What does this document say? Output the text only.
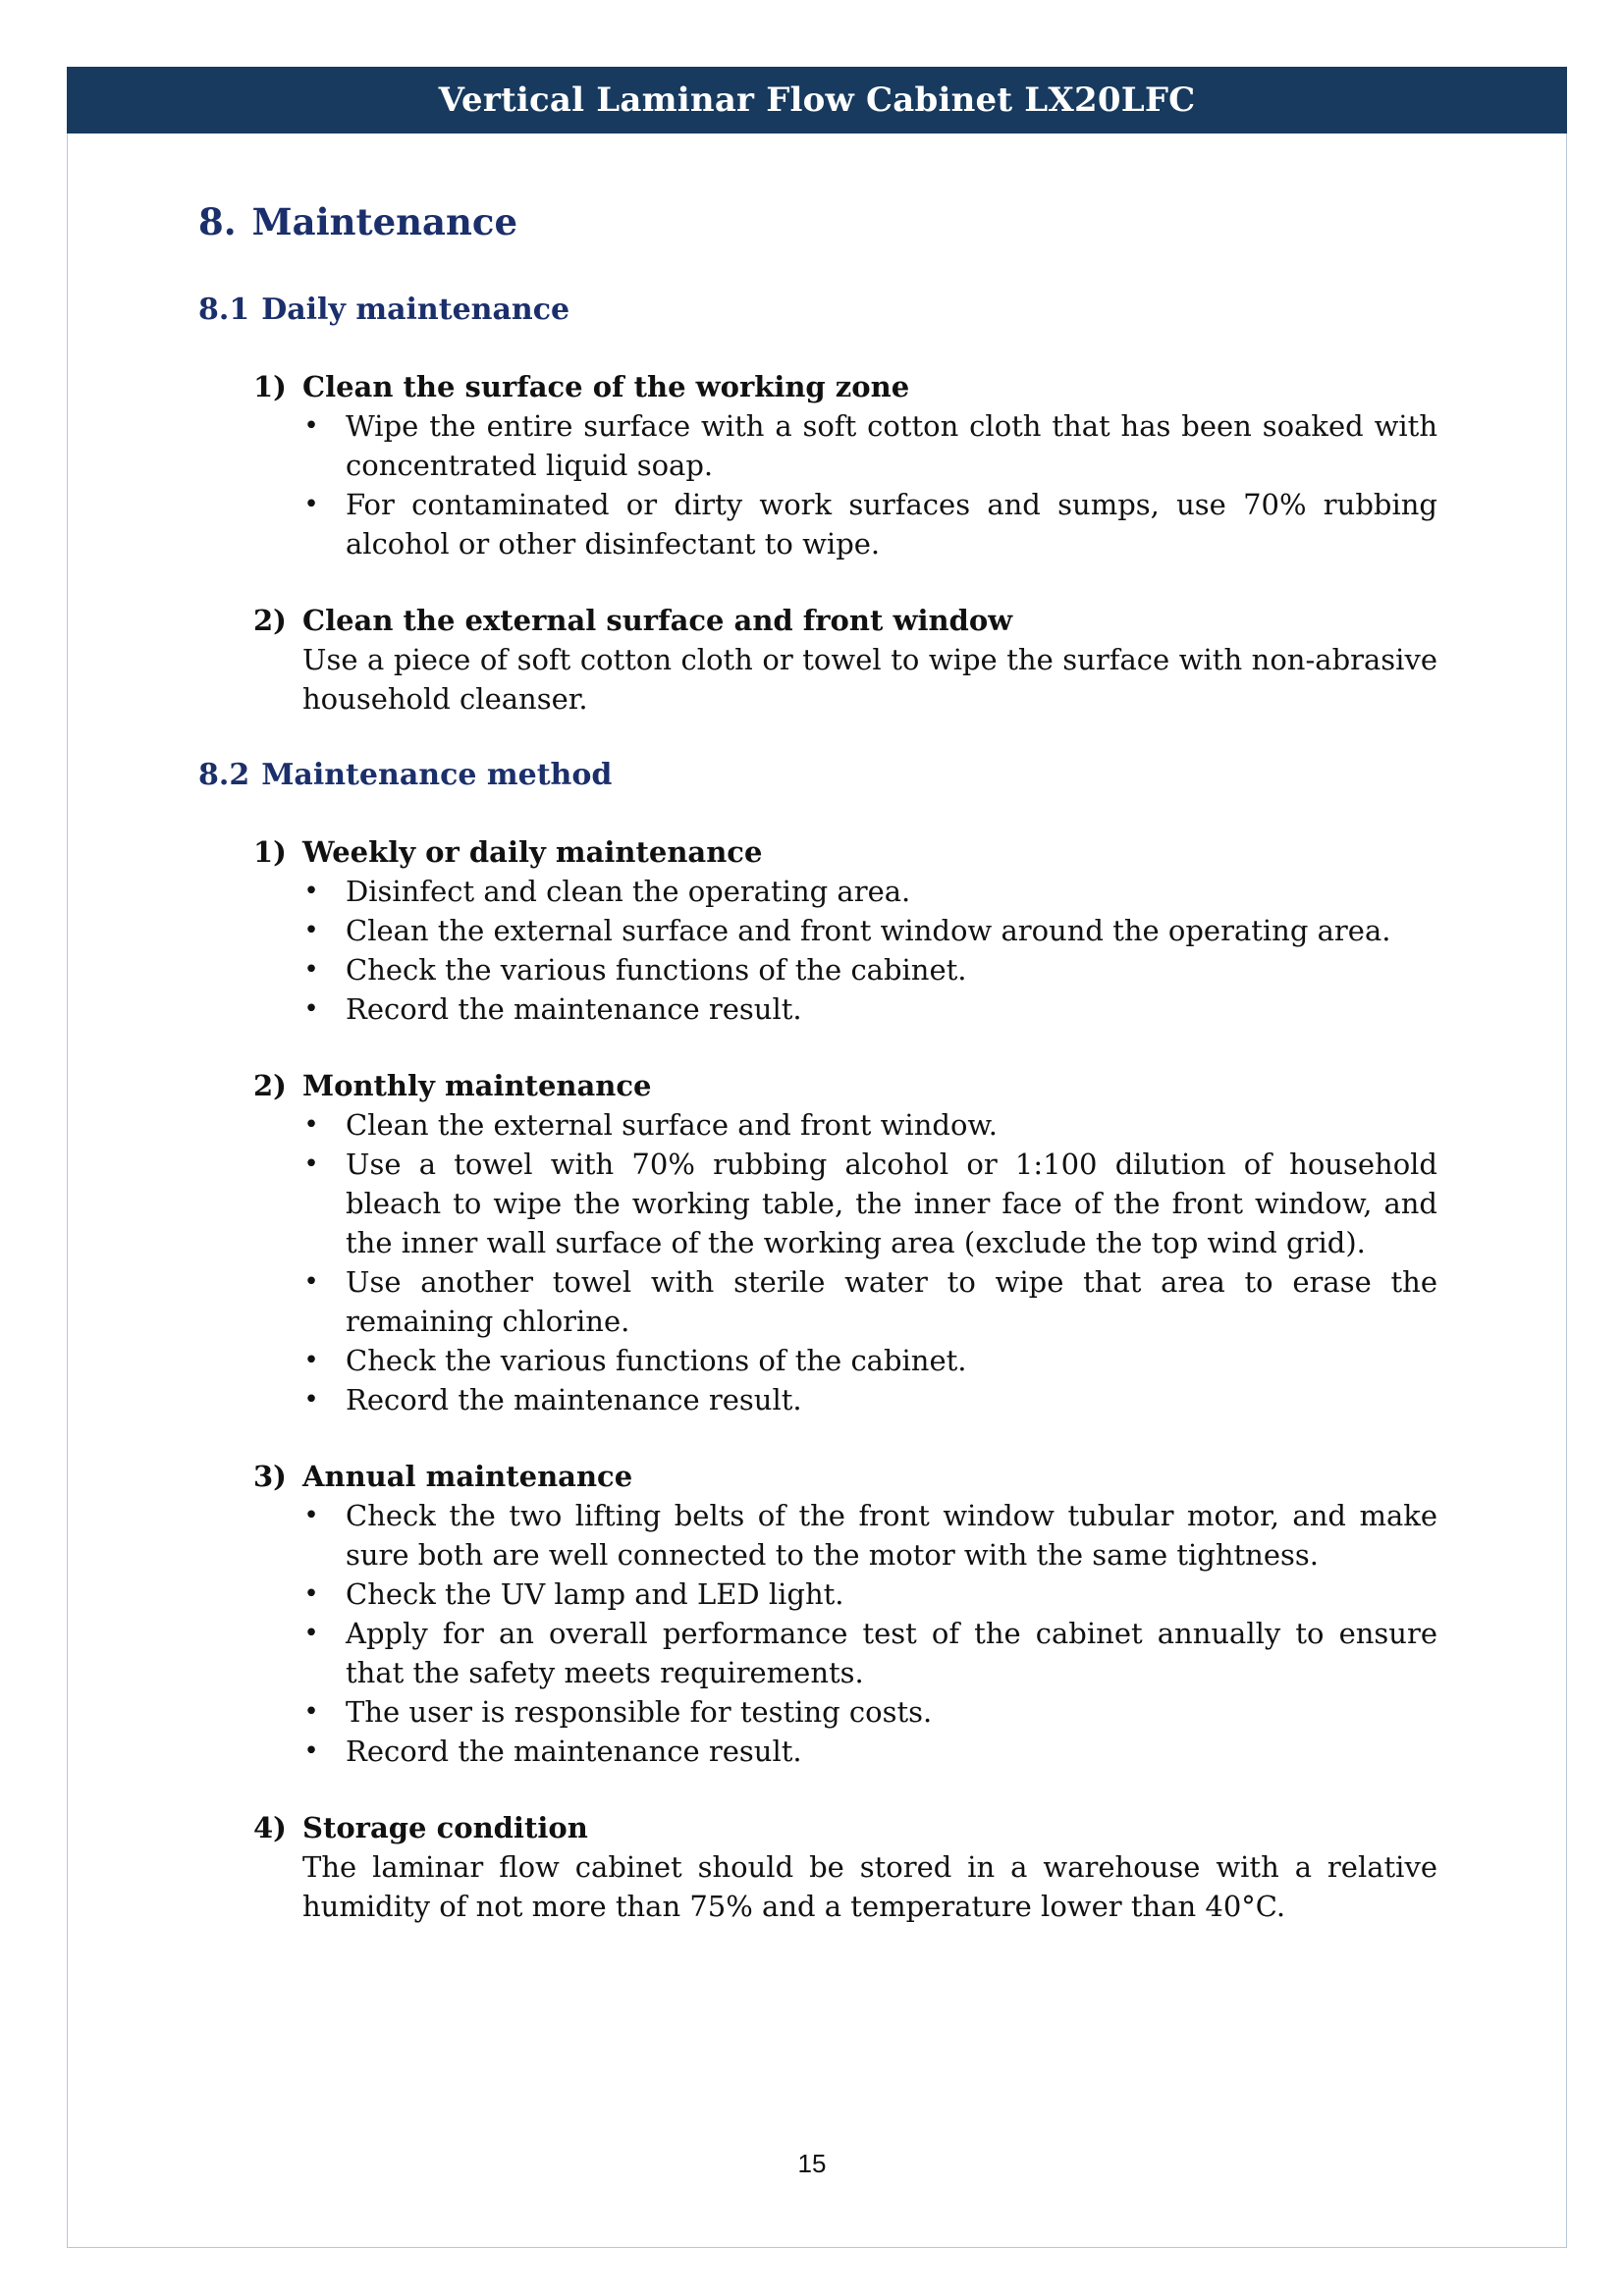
Vertical Laminar Flow Cabinet LX20LFC
8. Maintenance
8.1 Daily maintenance
1) Clean the surface of the working zone
• Wipe the entire surface with a soft cotton cloth that has been soaked with concentrated liquid soap.
• For contaminated or dirty work surfaces and sumps, use 70% rubbing alcohol or other disinfectant to wipe.
2) Clean the external surface and front window
Use a piece of soft cotton cloth or towel to wipe the surface with non-abrasive household cleanser.
8.2 Maintenance method
1) Weekly or daily maintenance
• Disinfect and clean the operating area.
• Clean the external surface and front window around the operating area.
• Check the various functions of the cabinet.
• Record the maintenance result.
2) Monthly maintenance
• Clean the external surface and front window.
• Use a towel with 70% rubbing alcohol or 1:100 dilution of household bleach to wipe the working table, the inner face of the front window, and the inner wall surface of the working area (exclude the top wind grid).
• Use another towel with sterile water to wipe that area to erase the remaining chlorine.
• Check the various functions of the cabinet.
• Record the maintenance result.
3) Annual maintenance
• Check the two lifting belts of the front window tubular motor, and make sure both are well connected to the motor with the same tightness.
• Check the UV lamp and LED light.
• Apply for an overall performance test of the cabinet annually to ensure that the safety meets requirements.
• The user is responsible for testing costs.
• Record the maintenance result.
4) Storage condition
The laminar flow cabinet should be stored in a warehouse with a relative humidity of not more than 75% and a temperature lower than 40°C.
15
